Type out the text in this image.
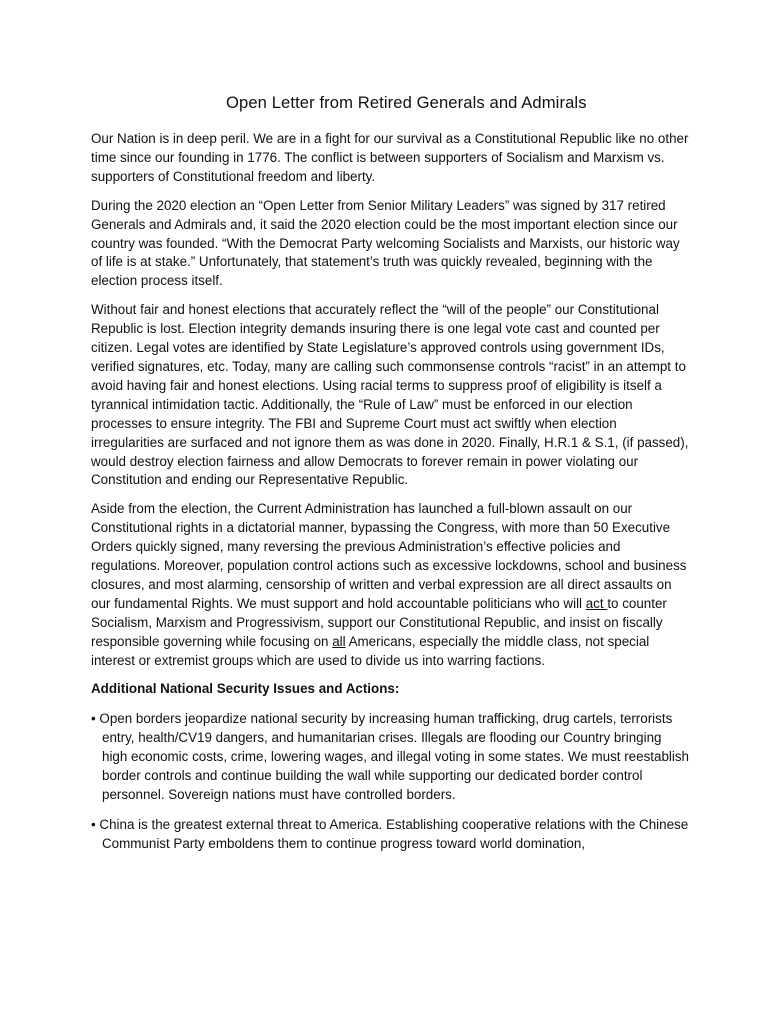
Open Letter from Retired Generals and Admirals

Our Nation is in deep peril. We are in a fight for our survival as a Constitutional Republic like no other time since our founding in 1776. The conflict is between supporters of Socialism and Marxism vs. supporters of Constitutional freedom and liberty.

During the 2020 election an “Open Letter from Senior Military Leaders” was signed by 317 retired Generals and Admirals and, it said the 2020 election could be the most important election since our country was founded. “With the Democrat Party welcoming Socialists and Marxists, our historic way of life is at stake.” Unfortunately, that statement’s truth was quickly revealed, beginning with the election process itself.

Without fair and honest elections that accurately reflect the “will of the people” our Constitutional Republic is lost. Election integrity demands insuring there is one legal vote cast and counted per citizen. Legal votes are identified by State Legislature’s approved controls using government IDs, verified signatures, etc. Today, many are calling such commonsense controls “racist” in an attempt to avoid having fair and honest elections. Using racial terms to suppress proof of eligibility is itself a tyrannical intimidation tactic. Additionally, the “Rule of Law” must be enforced in our election processes to ensure integrity. The FBI and Supreme Court must act swiftly when election irregularities are surfaced and not ignore them as was done in 2020. Finally, H.R.1 & S.1, (if passed), would destroy election fairness and allow Democrats to forever remain in power violating our Constitution and ending our Representative Republic.

Aside from the election, the Current Administration has launched a full-blown assault on our Constitutional rights in a dictatorial manner, bypassing the Congress, with more than 50 Executive Orders quickly signed, many reversing the previous Administration’s effective policies and regulations. Moreover, population control actions such as excessive lockdowns, school and business closures, and most alarming, censorship of written and verbal expression are all direct assaults on our fundamental Rights. We must support and hold accountable politicians who will act to counter Socialism, Marxism and Progressivism, support our Constitutional Republic, and insist on fiscally responsible governing while focusing on all Americans, especially the middle class, not special interest or extremist groups which are used to divide us into warring factions.

Additional National Security Issues and Actions:

• Open borders jeopardize national security by increasing human trafficking, drug cartels, terrorists entry, health/CV19 dangers, and humanitarian crises. Illegals are flooding our Country bringing high economic costs, crime, lowering wages, and illegal voting in some states. We must reestablish border controls and continue building the wall while supporting our dedicated border control personnel. Sovereign nations must have controlled borders.

• China is the greatest external threat to America. Establishing cooperative relations with the Chinese Communist Party emboldens them to continue progress toward world domination,
